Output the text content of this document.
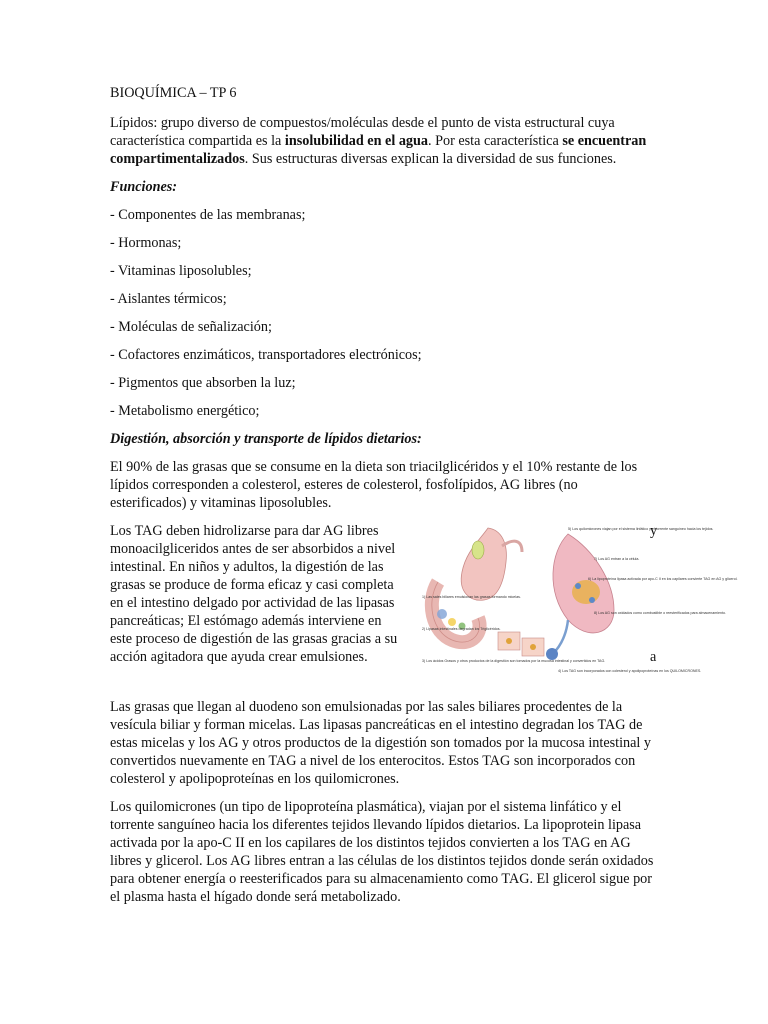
BIOQUÍMICA – TP 6

Lípidos: grupo diverso de compuestos/moléculas desde el punto de vista estructural cuya característica compartida es la insolubilidad en el agua. Por esta característica se encuentran compartimentalizados. Sus estructuras diversas explican la diversidad de sus funciones.

Funciones:

- Componentes de las membranas;

- Hormonas;

- Vitaminas liposolubles;

- Aislantes térmicos;

- Moléculas de señalización;

- Cofactores enzimáticos, transportadores electrónicos;

- Pigmentos que absorben la luz;

- Metabolismo energético;

Digestión, absorción y transporte de lípidos dietarios:

El 90% de las grasas que se consume en la dieta son triacilglicéridos y el 10% restante de los lípidos corresponden a colesterol, esteres de colesterol, fosfolípidos, AG libres (no esterificados) y vitaminas liposolubles.

Los TAG deben hidrolizarse para dar AG libres monoacilgliceridos antes de ser absorbidos a nivel intestinal. En niños y adultos, la digestión de las grasas se produce de forma eficaz y casi completa en el intestino delgado por actividad de las lipasas pancreáticas; El estómago además interviene en este proceso de digestión de las grasas gracias a su acción agitadora que ayuda crear emulsiones.

y
a
1) Las sales biliares emulsionan las grasas formando micelas.
2) Lipasas intestinales degradan los Triglicéridos.
3) Los ácidos Grasos y otros productos de la digestión son tomados por la mucosa intestinal y convertidos en TAG.
4) Los TAG son incorporados con colesterol y apolipoproteínas en los QUILOMICRONES.
5) Los quilomicrones viajan por el sistema linfático y el torrente sanguíneo hacia los tejidos.
6) La lipoproteína lipasa activada por apo-C II en los capilares convierte TAG en AG y glicerol.
7) Los AG entran a la célula.
8) Los AG son oxidados como combustible o reesterificados para almacenamiento.

Las grasas que llegan al duodeno son emulsionadas por las sales biliares procedentes de la vesícula biliar y forman micelas. Las lipasas pancreáticas en el intestino degradan los TAG de estas micelas y los AG y otros productos de la digestión son tomados por la mucosa intestinal y convertidos nuevamente en TAG a nivel de los enterocitos. Estos TAG son incorporados con colesterol y apolipoproteínas en los quilomicrones.

Los quilomicrones (un tipo de lipoproteína plasmática), viajan por el sistema linfático y el torrente sanguíneo hacia los diferentes tejidos llevando lípidos dietarios. La lipoprotein lipasa activada por la apo-C II en los capilares de los distintos tejidos convierten a los TAG en AG libres y glicerol. Los AG libres entran a las células de los distintos tejidos donde serán oxidados para obtener energía o reesterificados para su almacenamiento como TAG. El glicerol sigue por el plasma hasta el hígado donde será metabolizado.
